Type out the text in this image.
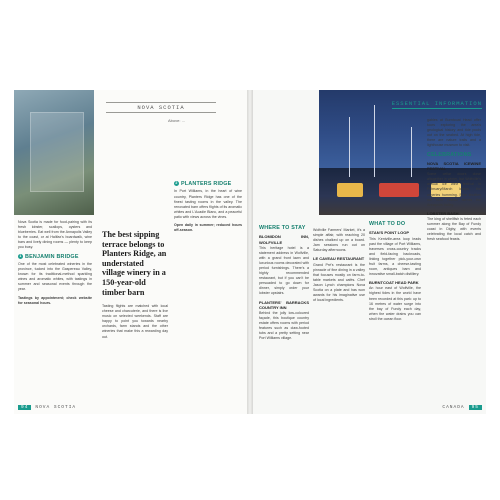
NOVA SCOTIA
Above: ...

Nova Scotia is made for food-pairing with its fresh lobster, scallops, oysters and blueberries. Eat well from the Annapolis Valley to the coast, or at Halifax's boardwalk, wine bars and lively dining rooms — plenty to keep you busy.

1 BENJAMIN BRIDGE

One of the most celebrated wineries in the province, tucked into the Gaspereau Valley, known for its traditional-method sparkling wines and aromatic whites, with tastings in summer and seasonal events through the year.

Tastings by appointment; check website for seasonal hours.

The best sipping terrace belongs to Planters Ridge, an understated village winery in a 150-year-old timber barn

Tasting flights are matched with local cheese and charcuterie, and there is live music on selected weekends. Staff are happy to point you towards nearby orchards, farm stands and the other wineries that make this a rewarding day out.

2 PLANTERS RIDGE

In Port Williams, in the heart of wine country, Planters Ridge has one of the finest tasting rooms in the valley. The renovated barn offers flights of its aromatic whites and L'Acadie Blanc, and a peaceful patio with views across the vines.

Open daily in summer; reduced hours off-season.

94 NOVA SCOTIA
ESSENTIAL INFORMATION
WHERE TO STAY
BLOMIDON INN, WOLFVILLE

This heritage hotel is a statement address in Wolfville, with a grand front lawn and luxurious rooms decorated with period furnishings. There's a highly recommended restaurant, but if you can't be persuaded to go down for dinner, simply order your lobster upstairs.

PLANTERS' BARRACKS COUNTRY INN

Behind the jolly low-coloured façade, this boutique country estate offers rooms with period features such as claw-footed tubs and a pretty setting near Port Williams village.

Wolfville Farmers' Market, it's a simple affair, with reaching 20 dishes chalked up on a board. Jam sessions run out on Saturday afternoons.

LE CAVEAU RESTAURANT

Grand Pré's restaurant is the pinnacle of fine dining in a valley that focuses mostly on farm-to-table markets and cafés. Chef Jason Lynch champions Nova Scotia on a plate and has won awards for his imaginative use of local ingredients.

WHAT TO DO
STAN'S POINT LOOP

This Kentville-area loop leads past the village of Port Williams, traverses cross-country tracks and field-facing backroads, linking together pick-your-own fruit farms, a cheese-tasting room, antiques barn and innovative small-batch distillery.

BURNTCOAT HEAD PARK

An hour east of Wolfville, the highest tides in the world have been recorded at this park: up to 16 metres of water surge into the bay of Fundy each day, when the water drains you can stroll the ocean floor.

gables at Burntcoat Head offer tours exploring the area's geological history and tide pools out on the seabed. At high tide, there are nature trails and a lighthouse museum to visit.

CELEBRATIONS
NOVA SCOTIA ICEWINE FESTIVAL

Some cellar doors close altogether in winter, but Wolfville's annual ice wine festival in February/March keeps the wineries humming. Free shuttles run from Halifax across the Annapolis Valley.

LOBSTER BASH

The king of shellfish is feted each summer along the Bay of Fundy coast in Digby, with events celebrating the local catch and fresh seafood feasts.

CANADA 95
